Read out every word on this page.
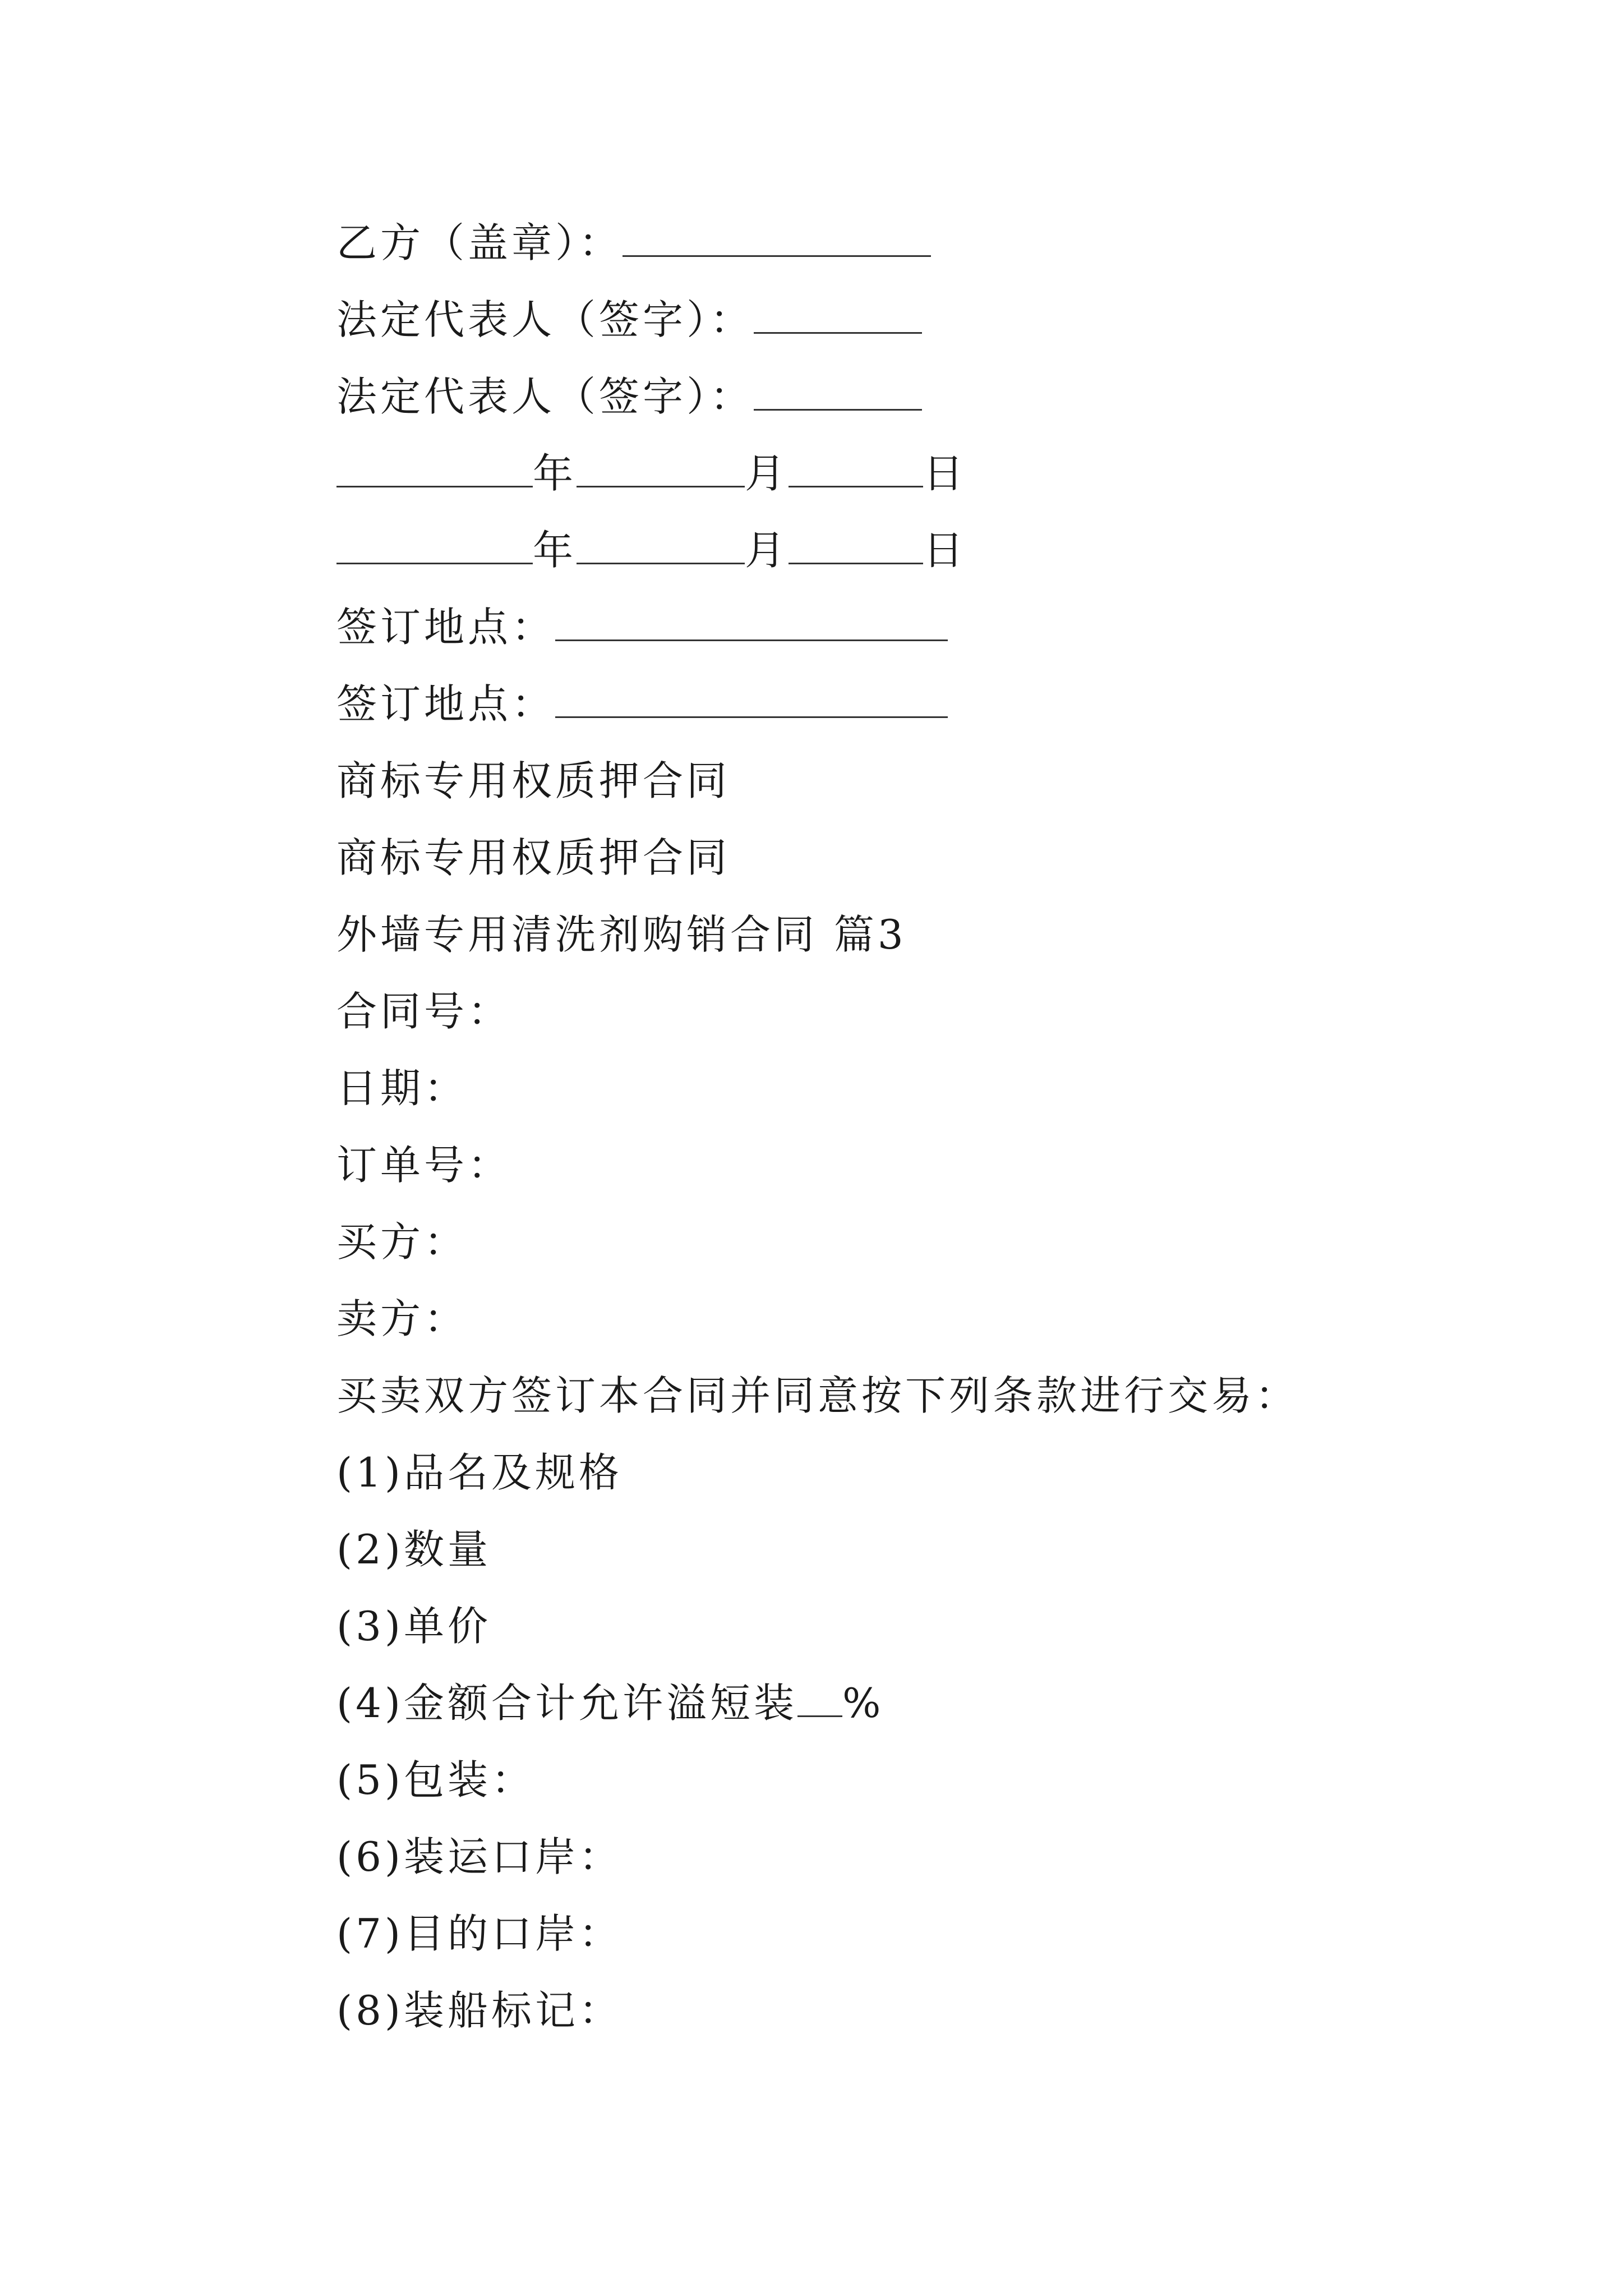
乙方（盖章）：
法定代表人（签字）：
法定代表人（签字）：
年	月	日
年	月	日
签订地点：
签订地点：
商标专用权质押合同
商标专用权质押合同
外墙专用清洗剂购销合同 篇3
合同号：
日期：
订单号：
买方：
卖方：
买卖双方签订本合同并同意按下列条款进行交易：
(1)品名及规格
(2)数量
(3)单价
(4)金额合计允许溢短装 %
(5)包装：
(6)装运口岸：
(7)目的口岸：
(8)装船标记：
